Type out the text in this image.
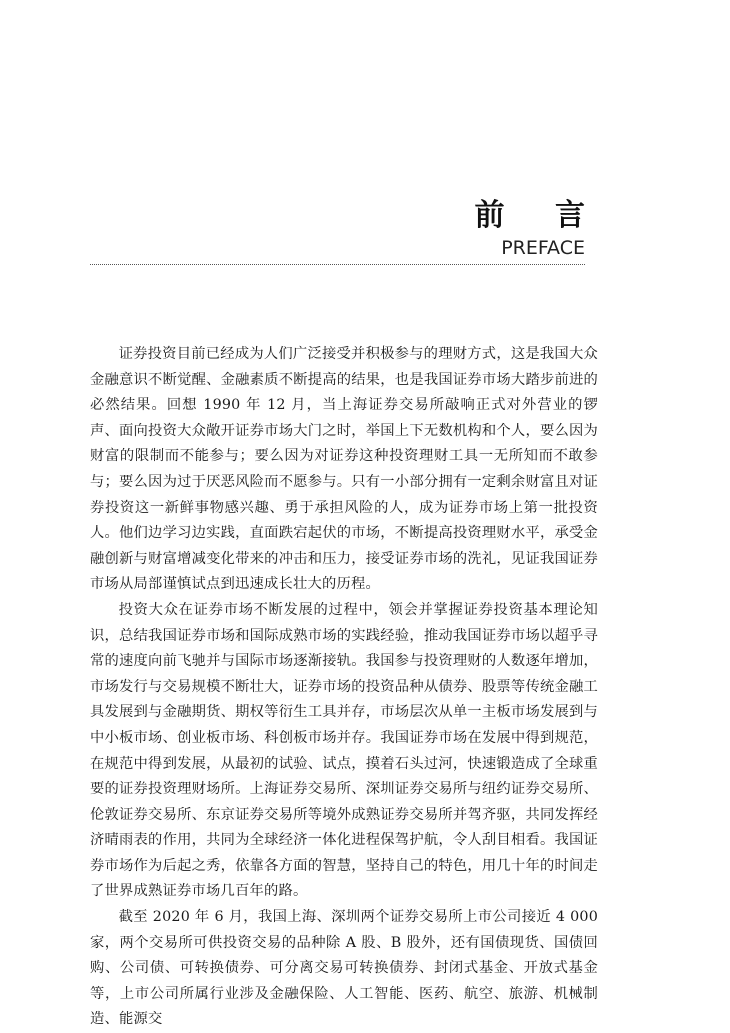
前 言
PREFACE

证券投资目前已经成为人们广泛接受并积极参与的理财方式，这是我国大众金融意识不断觉醒、金融素质不断提高的结果，也是我国证券市场大踏步前进的必然结果。回想 1990 年 12 月，当上海证券交易所敲响正式对外营业的锣声、面向投资大众敞开证券市场大门之时，举国上下无数机构和个人，要么因为财富的限制而不能参与；要么因为对证券这种投资理财工具一无所知而不敢参与；要么因为过于厌恶风险而不愿参与。只有一小部分拥有一定剩余财富且对证券投资这一新鲜事物感兴趣、勇于承担风险的人，成为证券市场上第一批投资人。他们边学习边实践，直面跌宕起伏的市场，不断提高投资理财水平，承受金融创新与财富增减变化带来的冲击和压力，接受证券市场的洗礼，见证我国证券市场从局部谨慎试点到迅速成长壮大的历程。

投资大众在证券市场不断发展的过程中，领会并掌握证券投资基本理论知识，总结我国证券市场和国际成熟市场的实践经验，推动我国证券市场以超乎寻常的速度向前飞驰并与国际市场逐渐接轨。我国参与投资理财的人数逐年增加，市场发行与交易规模不断壮大，证券市场的投资品种从债券、股票等传统金融工具发展到与金融期货、期权等衍生工具并存，市场层次从单一主板市场发展到与中小板市场、创业板市场、科创板市场并存。我国证券市场在发展中得到规范，在规范中得到发展，从最初的试验、试点，摸着石头过河，快速锻造成了全球重要的证券投资理财场所。上海证券交易所、深圳证券交易所与纽约证券交易所、伦敦证券交易所、东京证券交易所等境外成熟证券交易所并驾齐驱，共同发挥经济晴雨表的作用，共同为全球经济一体化进程保驾护航，令人刮目相看。我国证券市场作为后起之秀，依靠各方面的智慧，坚持自己的特色，用几十年的时间走了世界成熟证券市场几百年的路。

截至 2020 年 6 月，我国上海、深圳两个证券交易所上市公司接近 4 000 家，两个交易所可供投资交易的品种除 A 股、B 股外，还有国债现货、国债回购、公司债、可转换债券、可分离交易可转换债券、封闭式基金、开放式基金等，上市公司所属行业涉及金融保险、人工智能、医药、航空、旅游、机械制造、能源交
